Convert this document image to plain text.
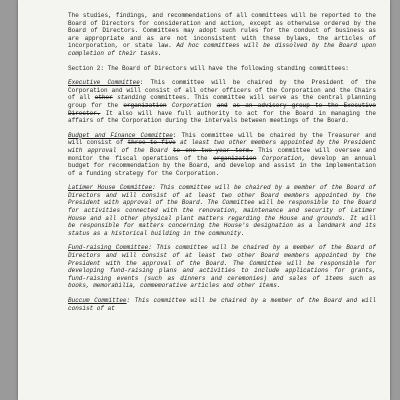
The studies, findings, and recommendations of all committees will be reported to the Board of Directors for consideration and action, except as otherwise ordered by the Board of Directors. Committees may adopt such rules for the conduct of business as are appropriate and as are not inconsistent with these bylaws, the articles of incorporation, or state law. Ad hoc committees will be dissolved by the Board upon completion of their tasks.

Section 2: The Board of Directors will have the following standing committees:

Executive Committee: This committee will be chaired by the President of the Corporation and will consist of all other officers of the Corporation and the Chairs of all other standing committees. This committee will serve as the central planning group for the organization Corporation and as an advisory group to the Executive Director. It also will have full authority to act for the Board in managing the affairs of the Corporation during the intervals between meetings of the Board.

Budget and Finance Committee: This committee will be chaired by the Treasurer and will consist of three to five at least two other members appointed by the President with approval of the Board to one two-year term. This committee will oversee and monitor the fiscal operations of the organization Corporation, develop an annual budget for recommendation by the Board, and develop and assist in the implementation of a funding strategy for the Corporation.

Latimer House Committee: This committee will be chaired by a member of the Board of Directors and will consist of at least two other Board members appointed by the President with approval of the Board. The Committee will be responsible to the Board for activities connected with the renovation, maintenance and security of Latimer House and all other physical plant matters regarding the House and grounds. It will be responsible for matters concerning the House's designation as a landmark and its status as a historical building in the community.

Fund-raising Committee: This committee will be chaired by a member of the Board of Directors and will consist of at least two other Board members appointed by the President with the approval of the Board. The Committee will be responsible for developing fund-raising plans and activities to include applications for grants, fund-raising events (such as dinners and ceremonies) and sales of items such as books, memorabilia, commemorative articles and other items.

Buccum Committee: This committee will be chaired by a member of the Board and will consist of at
